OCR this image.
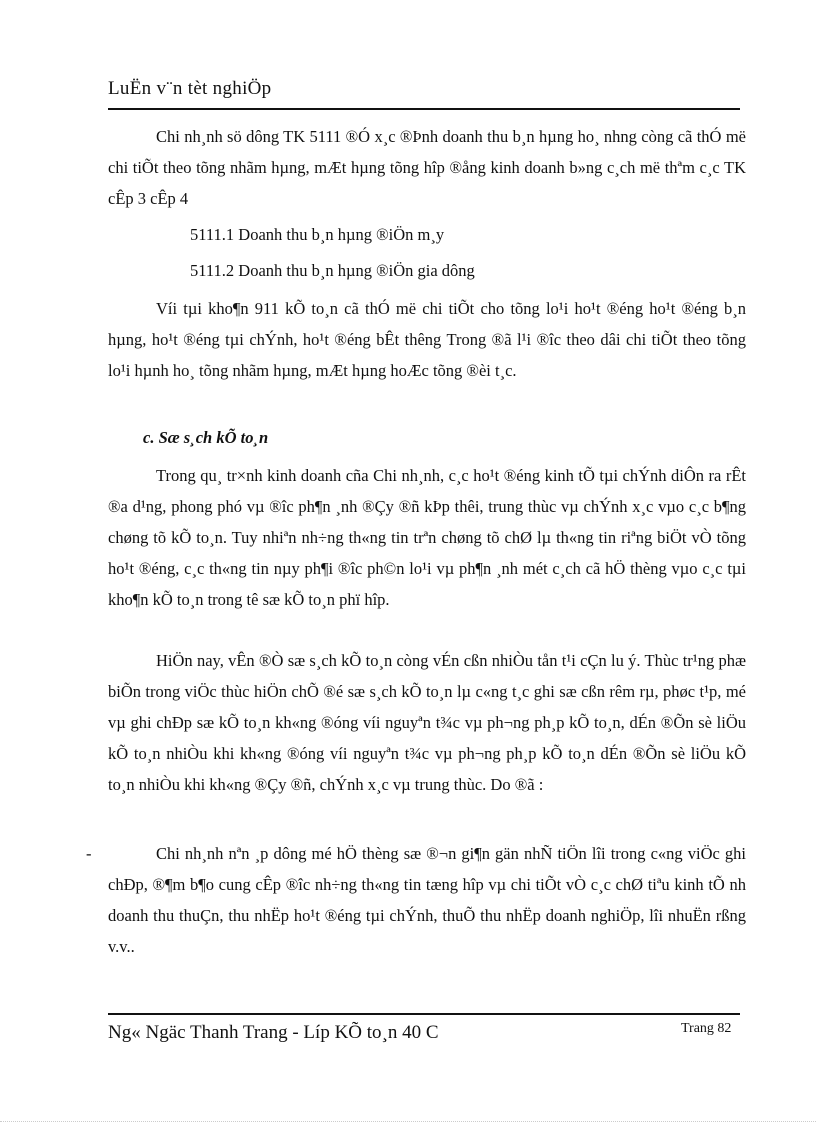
LuËn v¨n tèt nghiÖp

Chi nh¸nh sö dông TK 5111 ®Ó x¸c ®Þnh doanh thu b¸n hµng ho¸ nhng còng cã thÓ më chi tiÕt theo tõng nhãm hµng, mÆt hµng tõng hîp ®ång kinh doanh b»ng c¸ch më thªm c¸c TK cÊp 3 cÊp 4

5111.1 Doanh thu b¸n hµng ®iÖn m¸y
5111.2 Doanh thu b¸n hµng ®iÖn gia dông

Víi tµi kho¶n 911 kÕ to¸n cã thÓ më chi tiÕt cho tõng lo¹i ho¹t ®éng ho¹t ®éng b¸n hµng, ho¹t ®éng tµi chÝnh, ho¹t ®éng bÊt thêng Trong ®ã l¹i ®îc theo dâi chi tiÕt theo tõng lo¹i hµnh ho¸ tõng nhãm hµng, mÆt hµng hoÆc tõng ®èi t¸c.

c. Sæ s¸ch kÕ to¸n

Trong qu¸ tr×nh kinh doanh cña Chi nh¸nh, c¸c ho¹t ®éng kinh tÕ tµi chÝnh diÔn ra rÊt ®a d¹ng, phong phó vµ ®îc ph¶n ¸nh ®Çy ®ñ kÞp thêi, trung thùc vµ chÝnh x¸c vµo c¸c b¶ng chøng tõ kÕ to¸n. Tuy nhiªn nh÷ng th«ng tin trªn chøng tõ chØ lµ th«ng tin riªng biÖt vÒ tõng ho¹t ®éng, c¸c th«ng tin nµy ph¶i ®îc ph©n lo¹i vµ ph¶n ¸nh mét c¸ch cã hÖ thèng vµo c¸c tµi kho¶n kÕ to¸n trong tê sæ kÕ to¸n phï hîp.

HiÖn nay, vÊn ®Ò sæ s¸ch kÕ to¸n còng vÉn cßn nhiÒu tån t¹i cÇn lu ý. Thùc tr¹ng phæ biÕn trong viÖc thùc hiÖn chÕ ®é sæ s¸ch kÕ to¸n lµ c«ng t¸c ghi sæ cßn rêm rµ, phøc t¹p, mé vµ ghi chÐp sæ kÕ to¸n kh«ng ®óng víi nguyªn t¾c vµ ph¬ng ph¸p kÕ to¸n, dÉn ®Õn sè liÖu kÕ to¸n nhiÒu khi kh«ng ®óng víi nguyªn t¾c vµ ph¬ng ph¸p kÕ to¸n dÉn ®Õn sè liÖu kÕ to¸n nhiÒu khi kh«ng ®Çy ®ñ, chÝnh x¸c vµ trung thùc. Do ®ã :

-	Chi nh¸nh nªn ¸p dông mé hÖ thèng sæ ®¬n gi¶n gän nhÑ tiÖn lîi trong c«ng viÖc ghi chÐp, ®¶m b¶o cung cÊp ®îc nh÷ng th«ng tin tæng hîp vµ chi tiÕt vÒ c¸c chØ tiªu kinh tÕ nh doanh thu thuÇn, thu nhËp ho¹t ®éng tµi chÝnh, thuÕ thu nhËp doanh nghiÖp, lîi nhuËn rßng v.v..

Ng« Ngäc Thanh Trang - Líp KÕ to¸n 40 C	Trang 82
